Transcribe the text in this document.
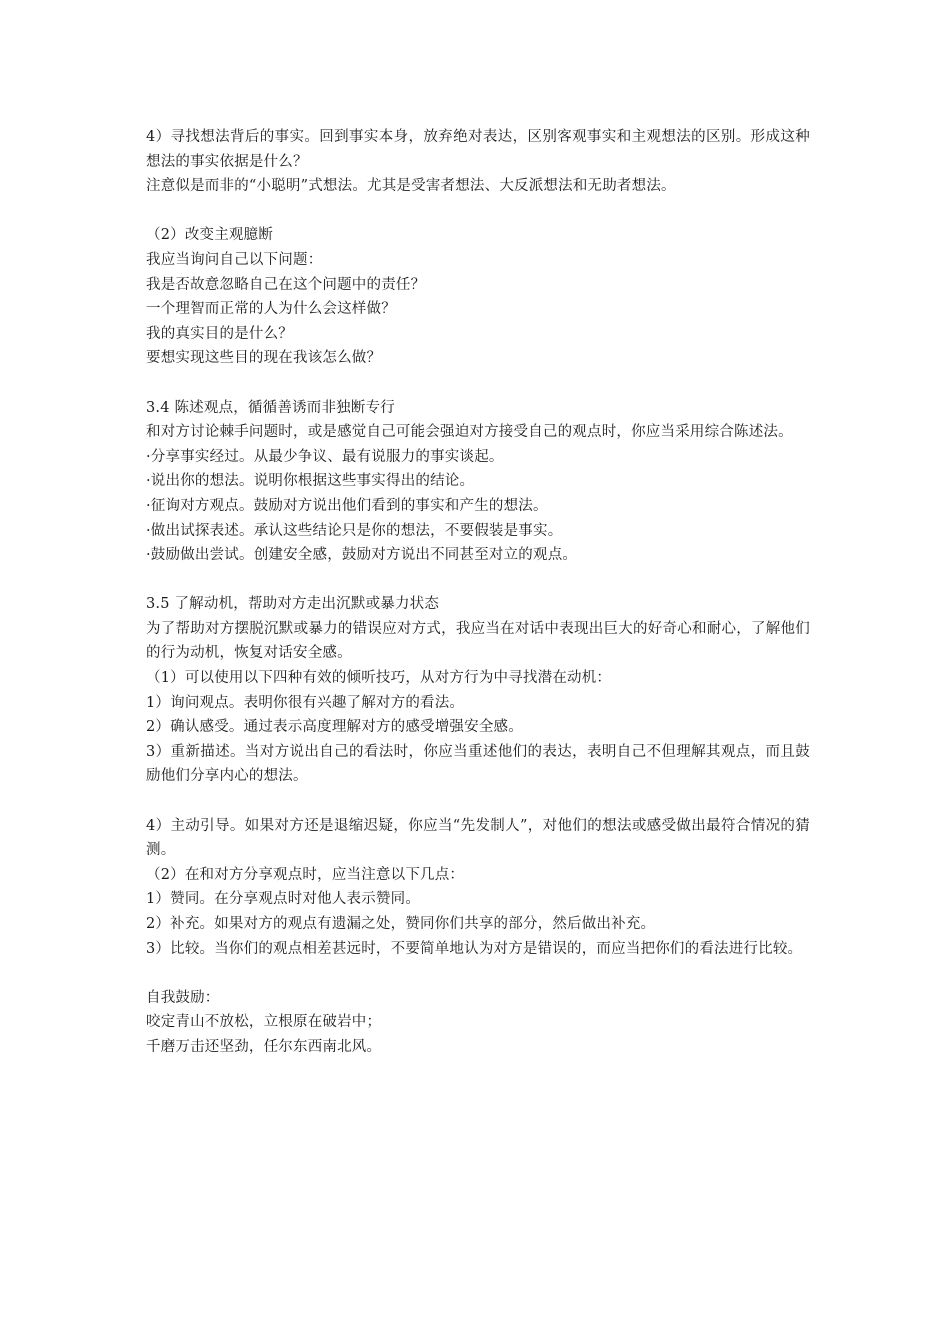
4）寻找想法背后的事实。回到事实本身，放弃绝对表达，区别客观事实和主观想法的区别。形成这种想法的事实依据是什么？
注意似是而非的“小聪明”式想法。尤其是受害者想法、大反派想法和无助者想法。
（2）改变主观臆断
我应当询问自己以下问题：
我是否故意忽略自己在这个问题中的责任？
一个理智而正常的人为什么会这样做？
我的真实目的是什么？
要想实现这些目的现在我该怎么做？
3.4 陈述观点，循循善诱而非独断专行
和对方讨论棘手问题时，或是感觉自己可能会强迫对方接受自己的观点时，你应当采用综合陈述法。
·分享事实经过。从最少争议、最有说服力的事实谈起。
·说出你的想法。说明你根据这些事实得出的结论。
·征询对方观点。鼓励对方说出他们看到的事实和产生的想法。
·做出试探表述。承认这些结论只是你的想法，不要假装是事实。
·鼓励做出尝试。创建安全感，鼓励对方说出不同甚至对立的观点。
3.5 了解动机，帮助对方走出沉默或暴力状态
为了帮助对方摆脱沉默或暴力的错误应对方式，我应当在对话中表现出巨大的好奇心和耐心，了解他们的行为动机，恢复对话安全感。
（1）可以使用以下四种有效的倾听技巧，从对方行为中寻找潜在动机：
1）询问观点。表明你很有兴趣了解对方的看法。
2）确认感受。通过表示高度理解对方的感受增强安全感。
3）重新描述。当对方说出自己的看法时，你应当重述他们的表达，表明自己不但理解其观点，而且鼓励他们分享内心的想法。
4）主动引导。如果对方还是退缩迟疑，你应当“先发制人”，对他们的想法或感受做出最符合情况的猜测。
（2）在和对方分享观点时，应当注意以下几点：
1）赞同。在分享观点时对他人表示赞同。
2）补充。如果对方的观点有遗漏之处，赞同你们共享的部分，然后做出补充。
3）比较。当你们的观点相差甚远时，不要简单地认为对方是错误的，而应当把你们的看法进行比较。
自我鼓励：
咬定青山不放松，立根原在破岩中；
千磨万击还坚劲，任尔东西南北风。
